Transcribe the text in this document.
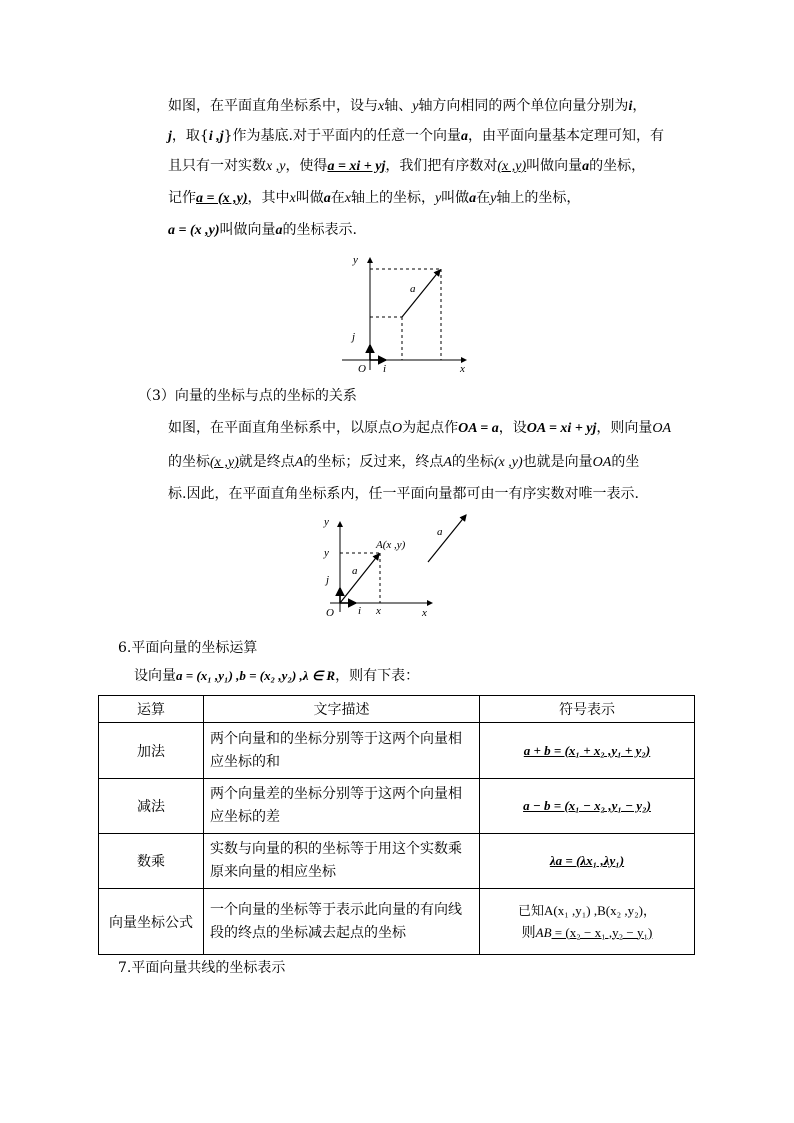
如图，在平面直角坐标系中，设与x轴、y轴方向相同的两个单位向量分别为i，
j，取{i ,j}作为基底.对于平面内的任意一个向量a，由平面向量基本定理可知，有
且只有一对实数x ,y，使得a = xi + yj，我们把有序数对(x ,y)叫做向量a的坐标，
记作a = (x ,y)，其中x叫做a在x轴上的坐标，y叫做a在y轴上的坐标，
a = (x ,y)叫做向量a的坐标表示.
y
x
O i
j
a
（3）向量的坐标与点的坐标的关系
如图，在平面直角坐标系中，以原点O为起点作OA = a，设OA = xi + yj，则向量OA
的坐标(x ,y)就是终点A的坐标；反过来，终点A的坐标(x ,y)也就是向量OA的坐
标.因此，在平面直角坐标系内，任一平面向量都可由一有序实数对唯一表示.
y
y
j
A(x ,y)
a
a
O i x	x
6.平面向量的坐标运算
设向量a = (x₁ ,y₁) ,b = (x₂ ,y₂) ,λ ∈ R，则有下表：
运算	文字描述	符号表示
加法	两个向量和的坐标分别等于这两个向量相应坐标的和	a + b = (x₁ + x₂ ,y₁ + y₂)
减法	两个向量差的坐标分别等于这两个向量相应坐标的差	a − b = (x₁ − x₂ ,y₁ − y₂)
数乘	实数与向量的积的坐标等于用这个实数乘原来向量的相应坐标	λa = (λx₁ ,λy₁)
向量坐标公式	一个向量的坐标等于表示此向量的有向线段的终点的坐标减去起点的坐标	已知A(x₁ ,y₁) ,B(x₂ ,y₂)，
则AB = (x₂ − x₁ ,y₂ − y₁)
7.平面向量共线的坐标表示
